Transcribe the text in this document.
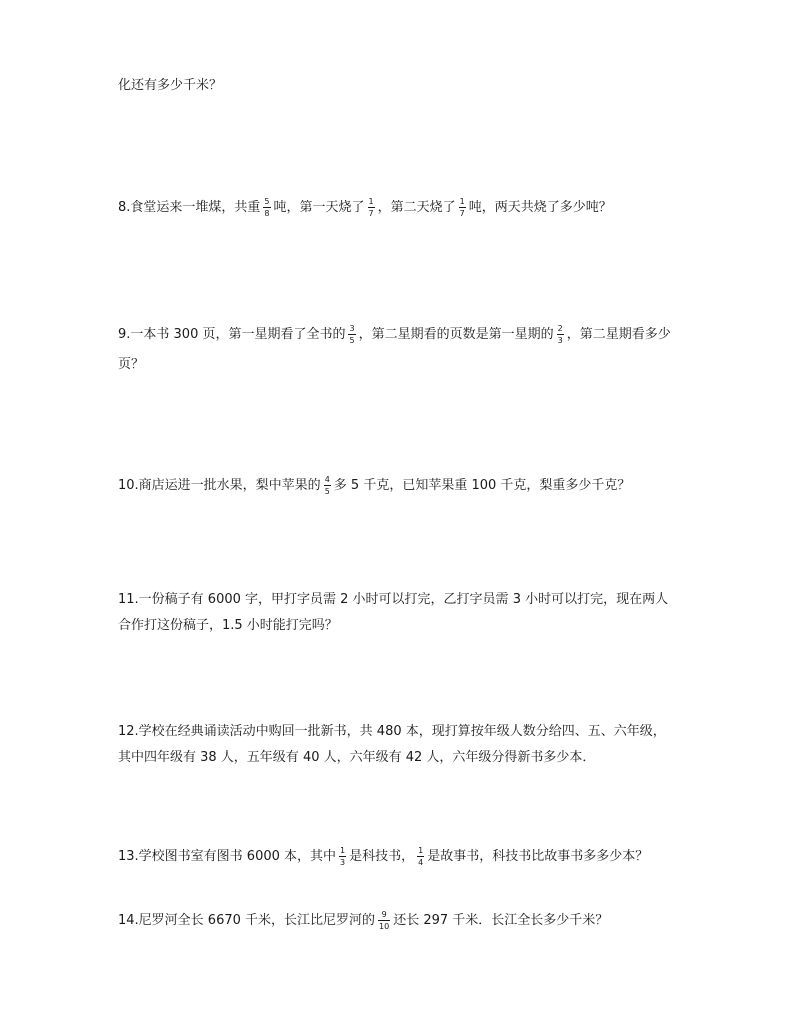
化还有多少千米？
8.食堂运来一堆煤，共重 $\frac{5}{8}$ 吨，第一天烧了 $\frac{1}{7}$ ，第二天烧了 $\frac{1}{7}$ 吨，两天共烧了多少吨？
9.一本书 300 页，第一星期看了全书的 $\frac{3}{5}$ ，第二星期看的页数是第一星期的 $\frac{2}{3}$ ，第二星期看多少
页？
10.商店运进一批水果，梨中苹果的 $\frac{4}{5}$ 多 5 千克，已知苹果重 100 千克，梨重多少千克？
11.一份稿子有 6000 字，甲打字员需 2 小时可以打完，乙打字员需 3 小时可以打完，现在两人
合作打这份稿子，1.5 小时能打完吗？
12.学校在经典诵读活动中购回一批新书，共 480 本，现打算按年级人数分给四、五、六年级，
其中四年级有 38 人，五年级有 40 人，六年级有 42 人，六年级分得新书多少本．
13.学校图书室有图书 6000 本，其中 $\frac{1}{3}$ 是科技书， $\frac{1}{4}$ 是故事书，科技书比故事书多多少本？
14.尼罗河全长 6670 千米，长江比尼罗河的 $\frac{9}{10}$ 还长 297 千米．长江全长多少千米？
